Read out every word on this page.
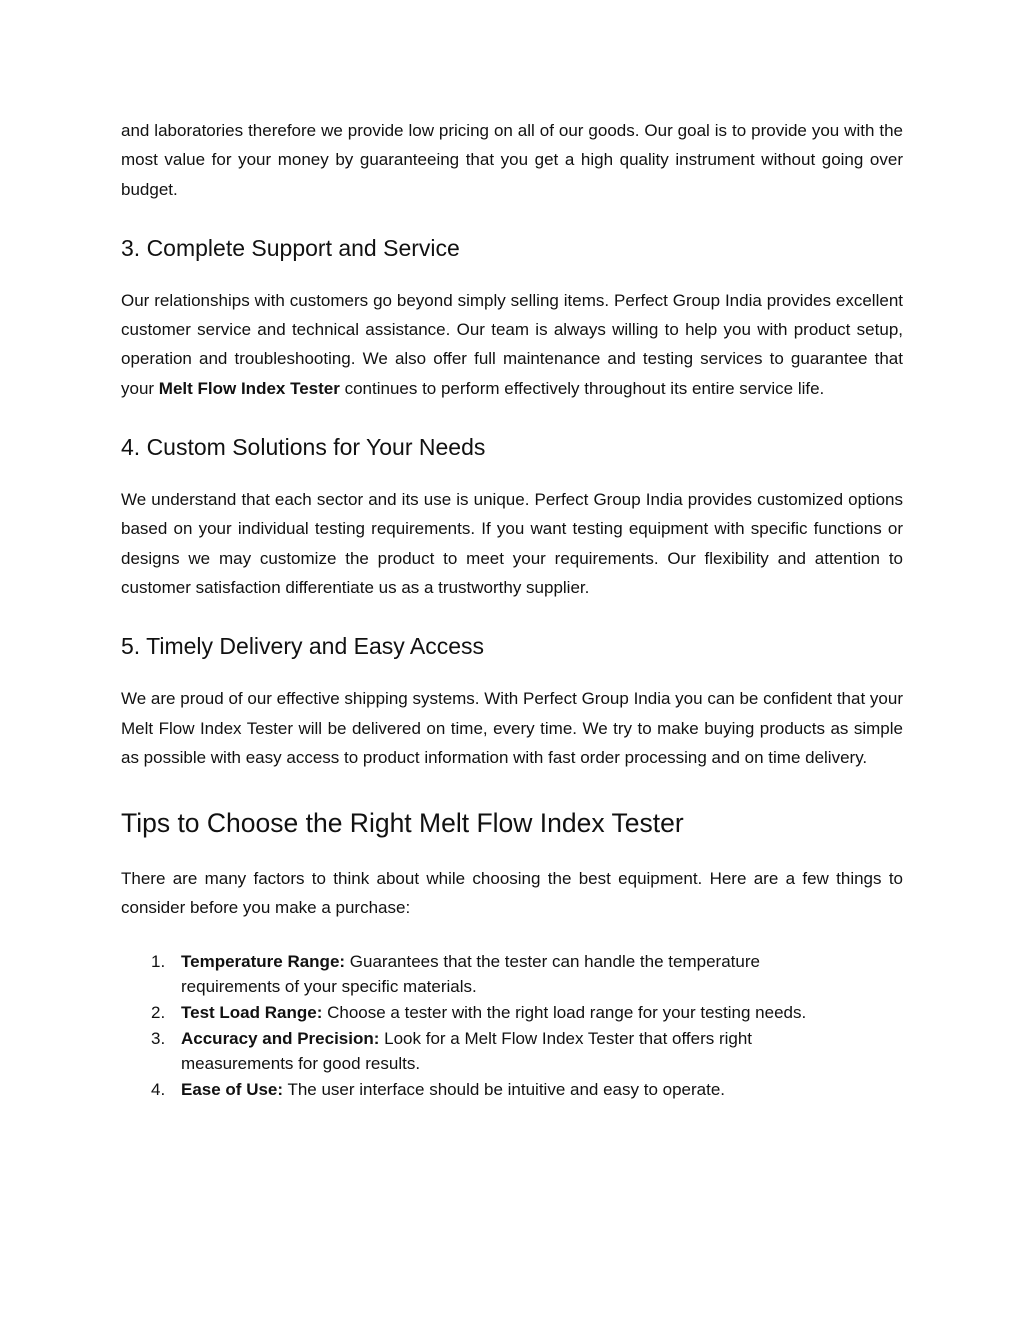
and laboratories therefore we provide low pricing on all of our goods. Our goal is to provide you with the most value for your money by guaranteeing that you get a high quality instrument without going over budget.

3. Complete Support and Service

Our relationships with customers go beyond simply selling items. Perfect Group India provides excellent customer service and technical assistance. Our team is always willing to help you with product setup, operation and troubleshooting. We also offer full maintenance and testing services to guarantee that your Melt Flow Index Tester continues to perform effectively throughout its entire service life.

4. Custom Solutions for Your Needs

We understand that each sector and its use is unique. Perfect Group India provides customized options based on your individual testing requirements. If you want testing equipment with specific functions or designs we may customize the product to meet your requirements. Our flexibility and attention to customer satisfaction differentiate us as a trustworthy supplier.

5. Timely Delivery and Easy Access

We are proud of our effective shipping systems. With Perfect Group India you can be confident that your Melt Flow Index Tester will be delivered on time, every time. We try to make buying products as simple as possible with easy access to product information with fast order processing and on time delivery.

Tips to Choose the Right Melt Flow Index Tester

There are many factors to think about while choosing the best equipment. Here are a few things to consider before you make a purchase:

1. Temperature Range: Guarantees that the tester can handle the temperature requirements of your specific materials.
2. Test Load Range: Choose a tester with the right load range for your testing needs.
3. Accuracy and Precision: Look for a Melt Flow Index Tester that offers right measurements for good results.
4. Ease of Use: The user interface should be intuitive and easy to operate.
